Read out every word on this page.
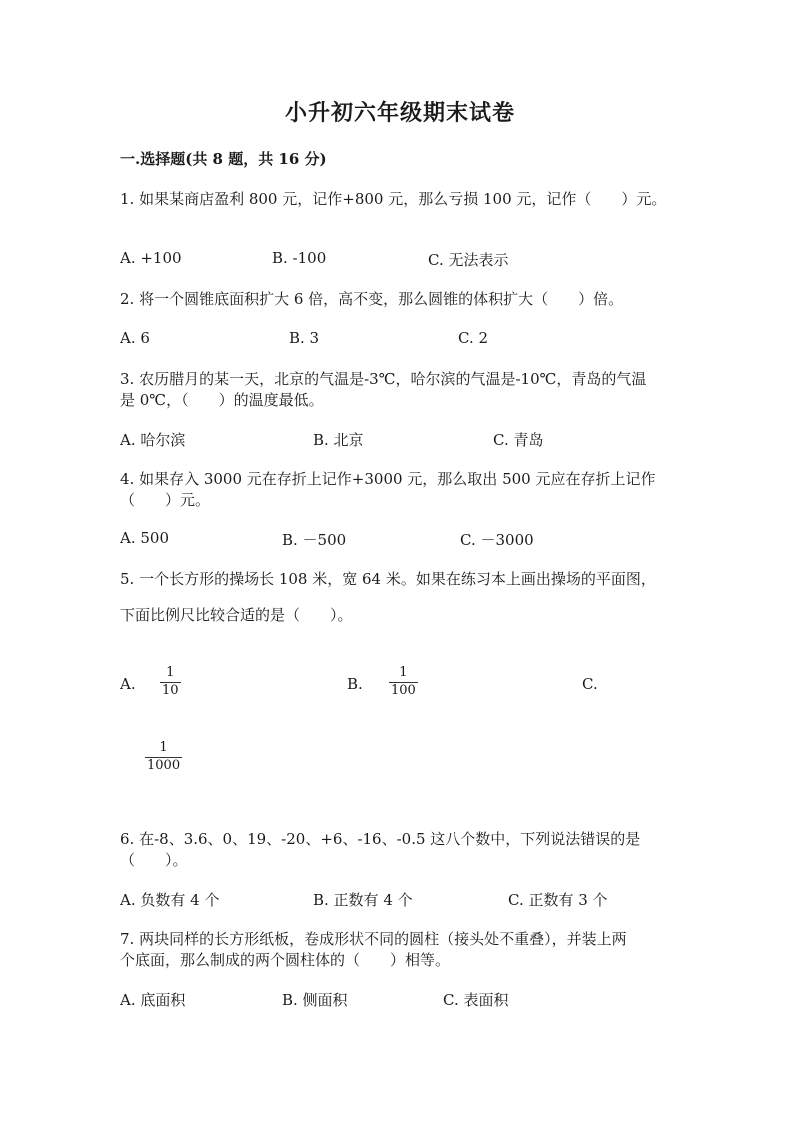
小升初六年级期末试卷
一.选择题(共 8 题，共 16 分)
1. 如果某商店盈利 800 元，记作+800 元，那么亏损 100 元，记作（　　）元。
A. +100	B. -100	C. 无法表示
2. 将一个圆锥底面积扩大 6 倍，高不变，那么圆锥的体积扩大（　　）倍。
A. 6	B. 3	C. 2
3. 农历腊月的某一天，北京的气温是-3℃，哈尔滨的气温是-10℃，青岛的气温
是 0℃，（　　）的温度最低。
A. 哈尔滨	B. 北京	C. 青岛
4. 如果存入 3000 元在存折上记作+3000 元，那么取出 500 元应在存折上记作
（　　）元。
A. 500	B. －500	C. －3000
5. 一个长方形的操场长 108 米，宽 64 米。如果在练习本上画出操场的平面图，
下面比例尺比较合适的是（　　）。
A.
1
10	B.
1
100	C.
1
1000
6. 在-8、3.6、0、19、-20、+6、-16、-0.5 这八个数中，下列说法错误的是
（　　）。
A. 负数有 4 个	B. 正数有 4 个	C. 正数有 3 个
7. 两块同样的长方形纸板，卷成形状不同的圆柱（接头处不重叠），并装上两
个底面，那么制成的两个圆柱体的（　　）相等。
A. 底面积	B. 侧面积	C. 表面积
